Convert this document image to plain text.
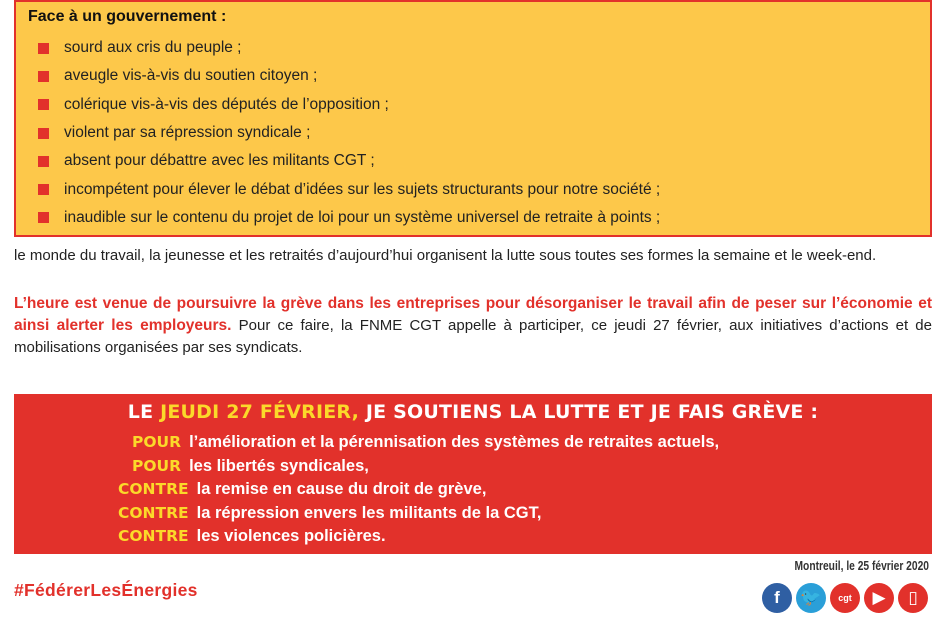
Face à un gouvernement :
sourd aux cris du peuple ;
aveugle vis-à-vis du soutien citoyen ;
colérique vis-à-vis des députés de l’opposition ;
violent par sa répression syndicale ;
absent pour débattre avec les militants CGT ;
incompétent pour élever le débat d’idées sur les sujets structurants pour notre société ;
inaudible sur le contenu du projet de loi pour un système universel de retraite à points ;
le monde du travail, la jeunesse et les retraités d’aujourd’hui organisent la lutte sous toutes ses formes la semaine et le week-end.
L’heure est venue de poursuivre la grève dans les entreprises pour désorganiser le travail afin de peser sur l’économie et ainsi alerter les employeurs. Pour ce faire, la FNME CGT appelle à participer, ce jeudi 27 février, aux initiatives d’actions et de mobilisations organisées par ses syndicats.
LE JEUDI 27 FÉVRIER, JE SOUTIENS LA LUTTE ET JE FAIS GRÈVE :
POUR l’amélioration et la pérennisation des systèmes de retraites actuels,
POUR les libertés syndicales,
CONTRE la remise en cause du droit de grève,
CONTRE la répression envers les militants de la CGT,
CONTRE les violences policières.
Montreuil, le 25 février 2020
#FédérerLesÉnergies	f	🐦	cgt	▶	▯
